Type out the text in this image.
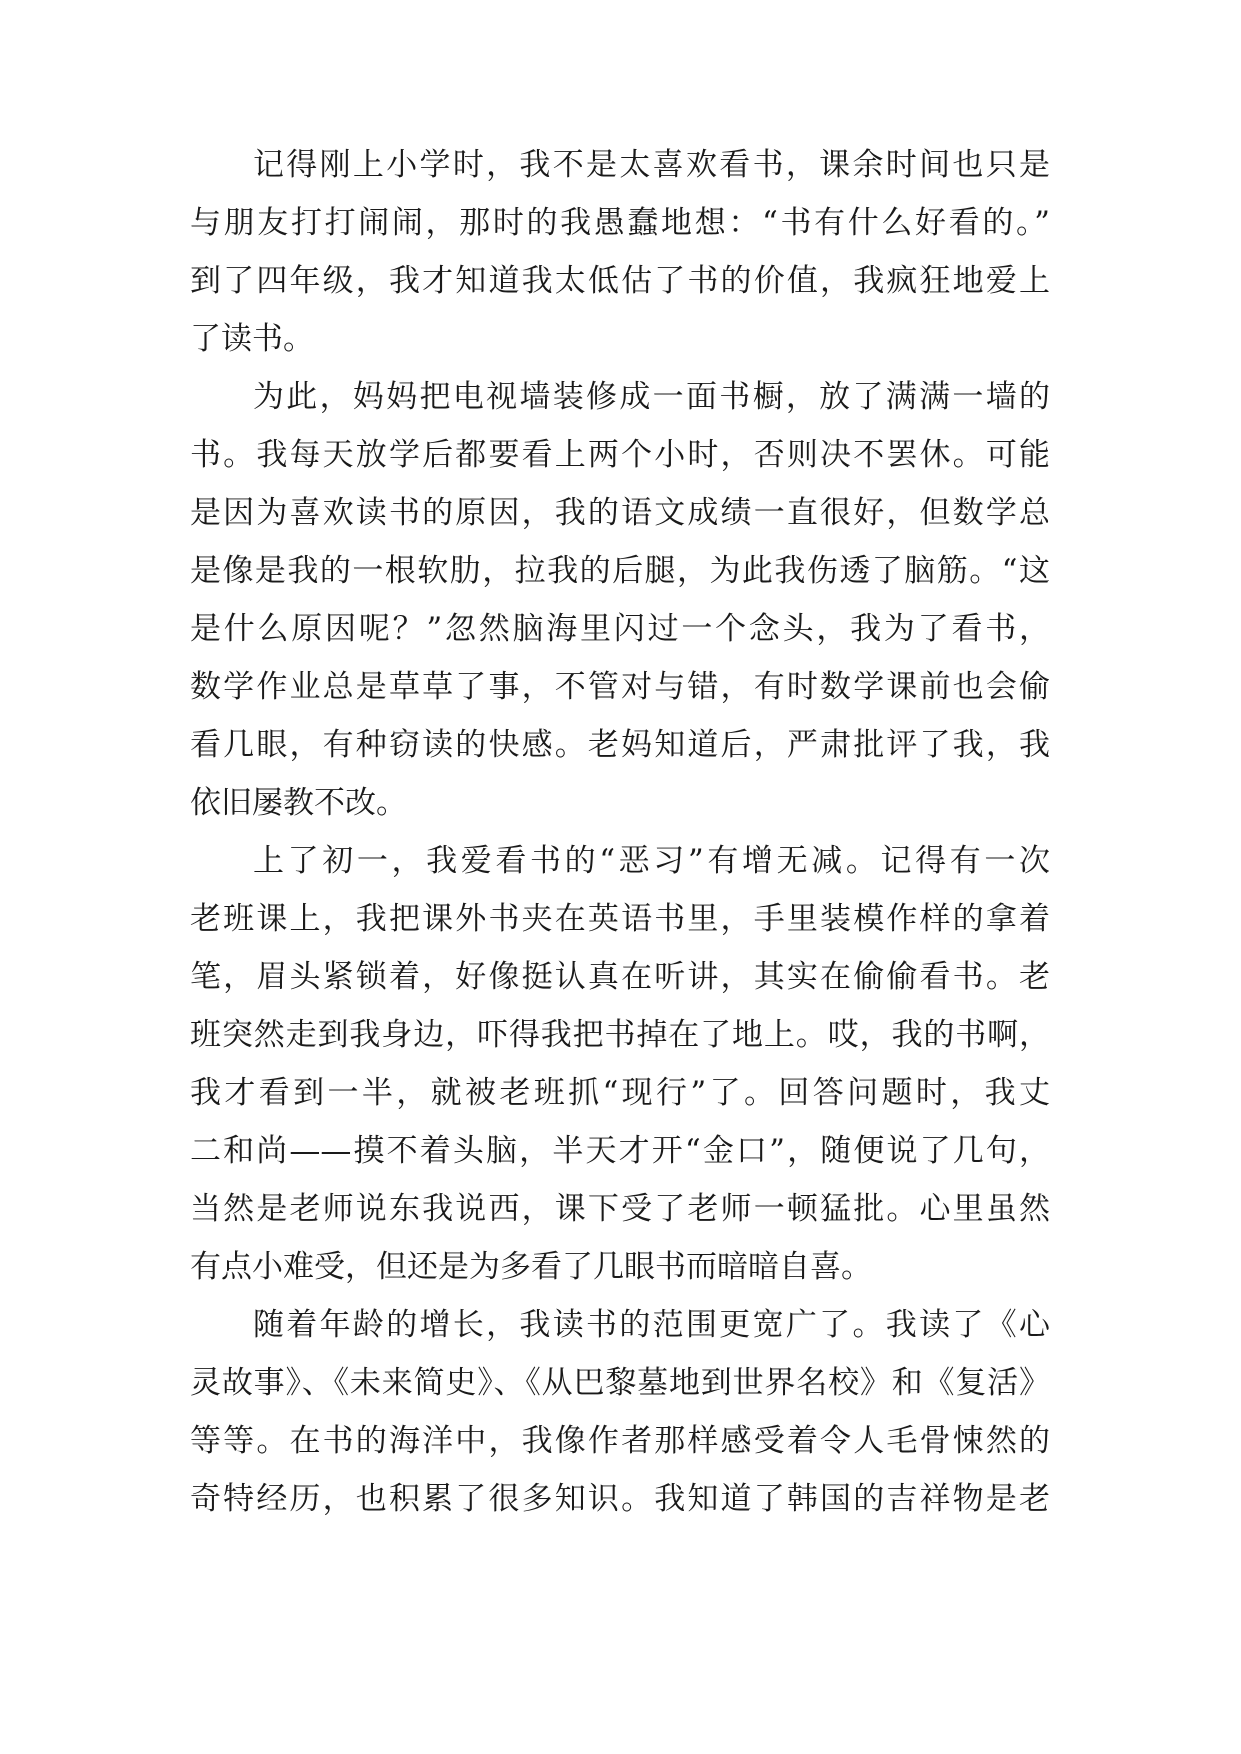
记得刚上小学时，我不是太喜欢看书，课余时间也只是
与朋友打打闹闹，那时的我愚蠢地想：“书有什么好看的。”
到了四年级，我才知道我太低估了书的价值，我疯狂地爱上
了读书。
为此，妈妈把电视墙装修成一面书橱，放了满满一墙的
书。我每天放学后都要看上两个小时，否则决不罢休。可能
是因为喜欢读书的原因，我的语文成绩一直很好，但数学总
是像是我的一根软肋，拉我的后腿，为此我伤透了脑筋。“这
是什么原因呢？”忽然脑海里闪过一个念头，我为了看书，
数学作业总是草草了事，不管对与错，有时数学课前也会偷
看几眼，有种窃读的快感。老妈知道后，严肃批评了我，我
依旧屡教不改。
上了初一，我爱看书的“恶习”有增无减。记得有一次
老班课上，我把课外书夹在英语书里，手里装模作样的拿着
笔，眉头紧锁着，好像挺认真在听讲，其实在偷偷看书。老
班突然走到我身边，吓得我把书掉在了地上。哎，我的书啊，
我才看到一半，就被老班抓“现行”了。回答问题时，我丈
二和尚——摸不着头脑，半天才开“金口”，随便说了几句，
当然是老师说东我说西，课下受了老师一顿猛批。心里虽然
有点小难受，但还是为多看了几眼书而暗暗自喜。
随着年龄的增长，我读书的范围更宽广了。我读了《心
灵故事》、《未来简史》、《从巴黎墓地到世界名校》和《复活》
等等。在书的海洋中，我像作者那样感受着令人毛骨悚然的
奇特经历，也积累了很多知识。我知道了韩国的吉祥物是老
